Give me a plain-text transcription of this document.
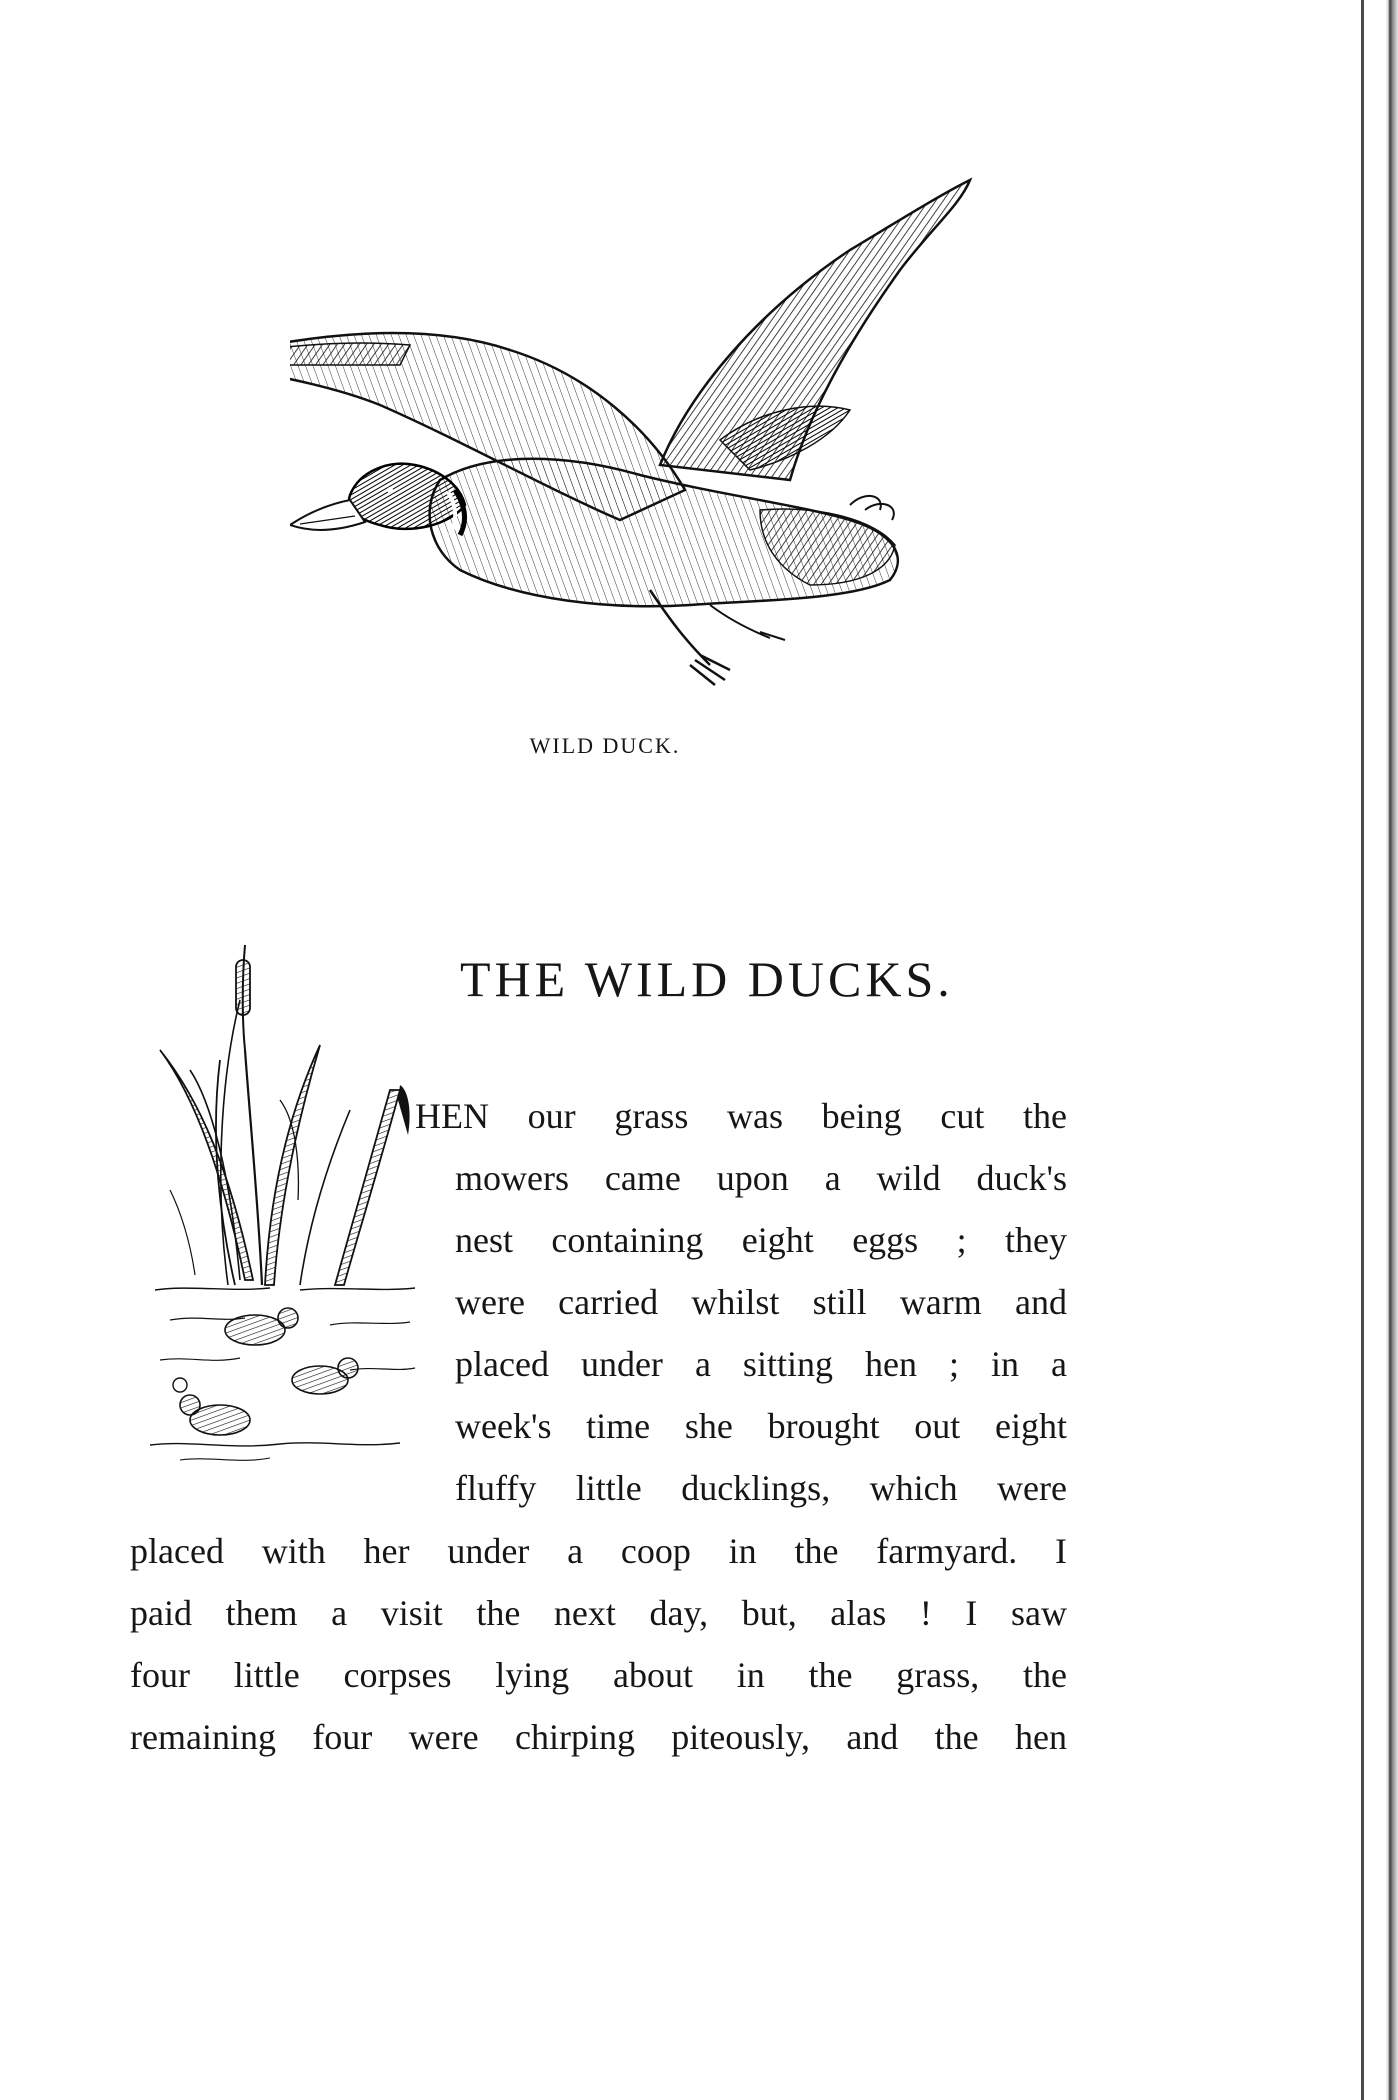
WILD DUCK.
THE WILD DUCKS.
HEN our grass was being cut the
mowers came upon a wild duck's
nest containing eight eggs ; they
were carried whilst still warm and
placed under a sitting hen ; in a
week's time she brought out eight
fluffy little ducklings, which were
placed with her under a coop in the farmyard. I
paid them a visit the next day, but, alas ! I saw
four little corpses lying about in the grass, the
remaining four were chirping piteously, and the hen
